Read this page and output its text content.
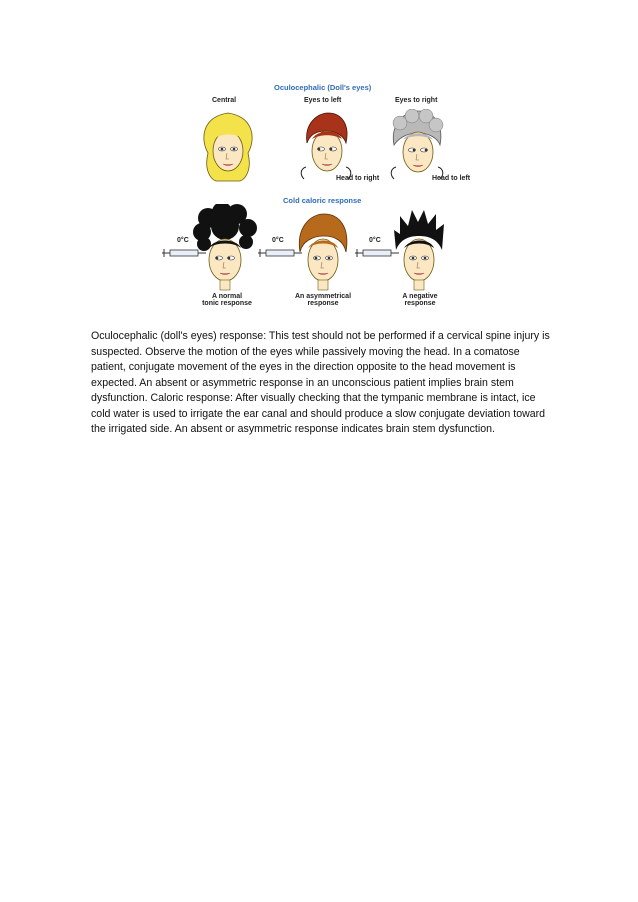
Oculocephalic (Doll's eyes)
Cold caloric response
Central	Eyes to left	Eyes to right
Head to right	Head to left
0°C	0°C	0°C
A normal
tonic response
An asymmetrical
response
A negative
response

Oculocephalic (doll's eyes) response: This test should not be performed if a cervical spine injury is suspected. Observe the motion of the eyes while passively moving the head. In a comatose patient, conjugate movement of the eyes in the direction opposite to the head movement is expected. An absent or asymmetric response in an unconscious patient implies brain stem dysfunction. Caloric response: After visually checking that the tympanic membrane is intact, ice cold water is used to irrigate the ear canal and should produce a slow conjugate deviation toward the irrigated side. An absent or asymmetric response indicates brain stem dysfunction.
